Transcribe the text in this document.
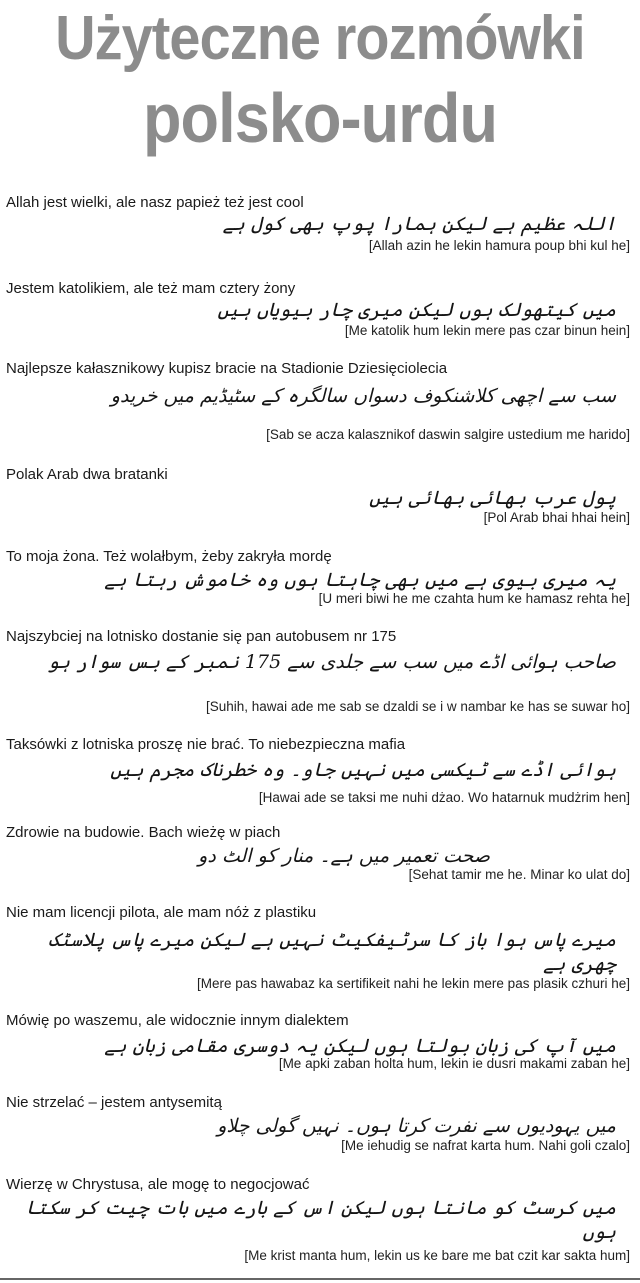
Użyteczne rozmówki
polsko-urdu
Allah jest wielki, ale nasz papież też jest cool
اللہ عظیم ہے لیکن ہمارا پوپ بھی کول ہے
[Allah azin he lekin hamura poup bhi kul he]
Jestem katolikiem, ale też mam cztery żony
میں کیتھولک ہوں لیکن میری چار بیویاں ہیں
[Me katolik hum lekin mere pas czar binun hein]
Najlepsze kałasznikowy kupisz bracie na Stadionie Dziesięciolecia
سب سے اچھی کلاشنکوف دسواں سالگرہ کے سٹیڈیم میں خریدو
[Sab se acza kalasznikof daswin salgire ustedium me harido]
Polak Arab dwa bratanki
پول عرب بھائی بھائی ہیں
[Pol Arab bhai hhai hein]
To moja żona. Też wolałbym, żeby zakryła mordę
یہ میری بیوی ہے میں بھی چاہتا ہوں وہ خاموش رہتا ہے
[U meri biwi he me czahta hum ke hamasz rehta he]
Najszybciej na lotnisko dostanie się pan autobusem nr 175
صاحب ہوائی اڈے میں سب سے جلدی سے 175 نمبر کے بس سوار ہو
[Suhih, hawai ade me sab se dzaldi se i w nambar ke has se suwar ho]
Taksówki z lotniska proszę nie brać. To niebezpieczna mafia
ہوائی اڈے سے ٹیکسی میں نہیں جاو۔ وہ خطرناک مجرم ہیں
[Hawai ade se taksi me nuhi dżao. Wo hatarnuk mudżrim hen]
Zdrowie na budowie. Bach wieżę w piach
صحت تعمیر میں ہے۔ منار کو الٹ دو
[Sehat tamir me he. Minar ko ulat do]
Nie mam licencji pilota, ale mam nóż z plastiku
میرے پاس ہوا باز کا سرٹیفکیٹ نہیں ہے لیکن میرے پاس پلاسٹک چھری ہے
[Mere pas hawabaz ka sertifikeit nahi he lekin mere pas plasik czhuri he]
Mówię po waszemu, ale widocznie innym dialektem
میں آپ کی زبان بولتا ہوں لیکن یہ دوسری مقامی زبان ہے
[Me apki zaban holta hum, lekin ie dusri makami zaban he]
Nie strzelać – jestem antysemitą
میں یہودیوں سے نفرت کرتا ہوں۔ نہیں گولی چلاو
[Me iehudig se nafrat karta hum. Nahi goli czalo]
Wierzę w Chrystusa, ale mogę to negocjować
میں کرسٹ کو مانتا ہوں لیکن اس کے بارے میں بات چیت کر سکتا ہوں
[Me krist manta hum, lekin us ke bare me bat czit kar sakta hum]
